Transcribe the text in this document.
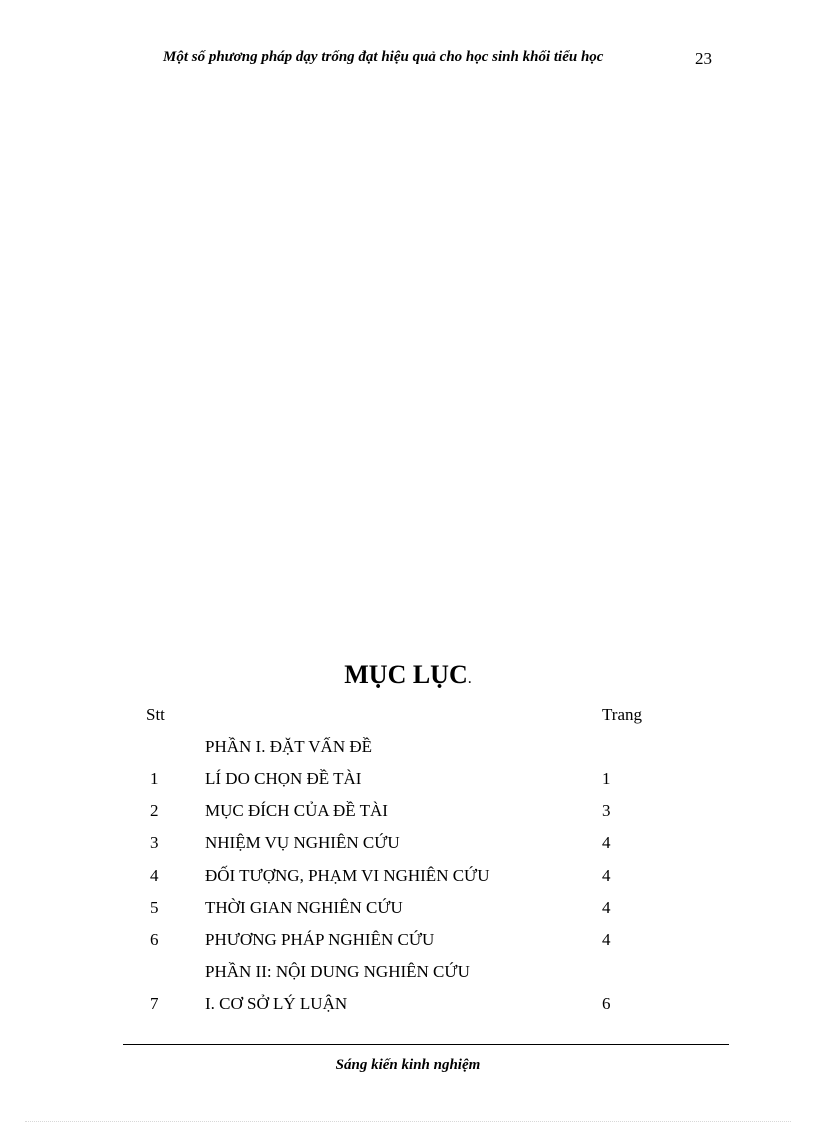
Một số phương pháp dạy trống đạt hiệu quả cho học sinh khối tiểu học	23
MỤC LỤC.
Stt	Trang
PHẦN I. ĐẶT VẤN ĐỀ
1	LÍ DO CHỌN ĐỀ TÀI	1
2	MỤC ĐÍCH CỦA ĐỀ TÀI	3
3	NHIỆM VỤ NGHIÊN CỨU	4
4	ĐỐI TƯỢNG, PHẠM VI NGHIÊN CỨU	4
5	THỜI GIAN NGHIÊN CỨU	4
6	PHƯƠNG PHÁP NGHIÊN CỨU	4
PHẦN II: NỘI DUNG NGHIÊN CỨU
7	I. CƠ SỞ LÝ LUẬN	6
Sáng kiến kinh nghiệm
